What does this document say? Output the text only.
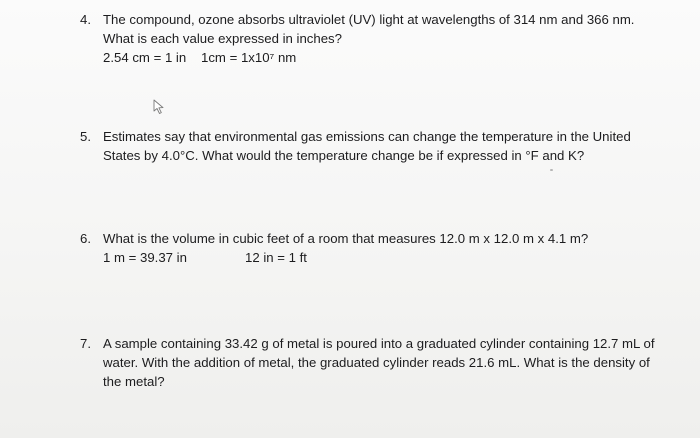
4. The compound, ozone absorbs ultraviolet (UV) light at wavelengths of 314 nm and 366 nm.
What is each value expressed in inches?
2.54 cm = 1 in 1cm = 1x10⁷ nm
5. Estimates say that environmental gas emissions can change the temperature in the United
States by 4.0°C. What would the temperature change be if expressed in °F and K?
6. What is the volume in cubic feet of a room that measures 12.0 m x 12.0 m x 4.1 m?
1 m = 39.37 in	12 in = 1 ft
7. A sample containing 33.42 g of metal is poured into a graduated cylinder containing 12.7 mL of
water. With the addition of metal, the graduated cylinder reads 21.6 mL. What is the density of
the metal?
